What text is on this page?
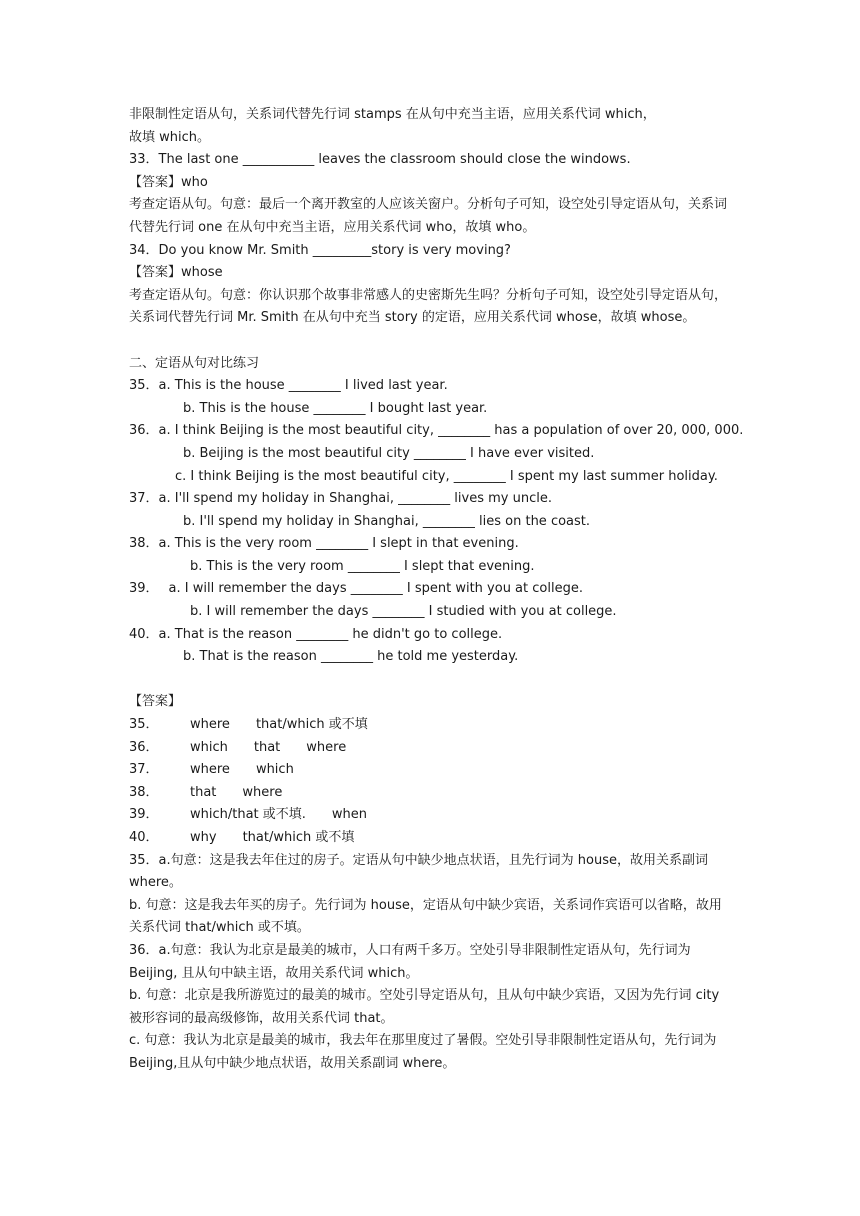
非限制性定语从句，关系词代替先行词 stamps 在从句中充当主语，应用关系代词 which，

故填 which。

33．The last one ___________ leaves the classroom should close the windows.

【答案】who

考查定语从句。句意：最后一个离开教室的人应该关窗户。分析句子可知，设空处引导定语从句，关系词代替先行词 one 在从句中充当主语，应用关系代词 who，故填 who。

34．Do you know Mr. Smith _________story is very moving?

【答案】whose

考查定语从句。句意：你认识那个故事非常感人的史密斯先生吗？分析句子可知，设空处引导定语从句，关系词代替先行词 Mr. Smith 在从句中充当 story 的定语，应用关系代词 whose，故填 whose。

二、定语从句对比练习

35．a. This is the house ________ I lived last year.

b. This is the house ________ I bought last year.

36．a. I think Beijing is the most beautiful city, ________ has a population of over 20, 000, 000.

b. Beijing is the most beautiful city ________ I have ever visited.

c. I think Beijing is the most beautiful city, ________ I spent my last summer holiday.

37．a. I'll spend my holiday in Shanghai, ________ lives my uncle.

b. I'll spend my holiday in Shanghai, ________ lies on the coast.

38．a. This is the very room ________ I slept in that evening.

b. This is the very room ________ I slept that evening.

39． a. I will remember the days ________ I spent with you at college.

b. I will remember the days ________ I studied with you at college.

40．a. That is the reason ________ he didn't go to college.

b. That is the reason ________ he told me yesterday.

【答案】

35．	where that/which 或不填
36．	which that where
37．	where which
38．	that where
39．	which/that 或不填. when
40．	why that/which 或不填

35．a.句意：这是我去年住过的房子。定语从句中缺少地点状语，且先行词为 house，故用关系副词 where。

b. 句意：这是我去年买的房子。先行词为 house，定语从句中缺少宾语，关系词作宾语可以省略，故用关系代词 that/which 或不填。

36．a.句意：我认为北京是最美的城市，人口有两千多万。空处引导非限制性定语从句，先行词为 Beijing, 且从句中缺主语，故用关系代词 which。

b. 句意：北京是我所游览过的最美的城市。空处引导定语从句，且从句中缺少宾语，又因为先行词 city 被形容词的最高级修饰，故用关系代词 that。

c. 句意：我认为北京是最美的城市，我去年在那里度过了暑假。空处引导非限制性定语从句，先行词为 Beijing,且从句中缺少地点状语，故用关系副词 where。
